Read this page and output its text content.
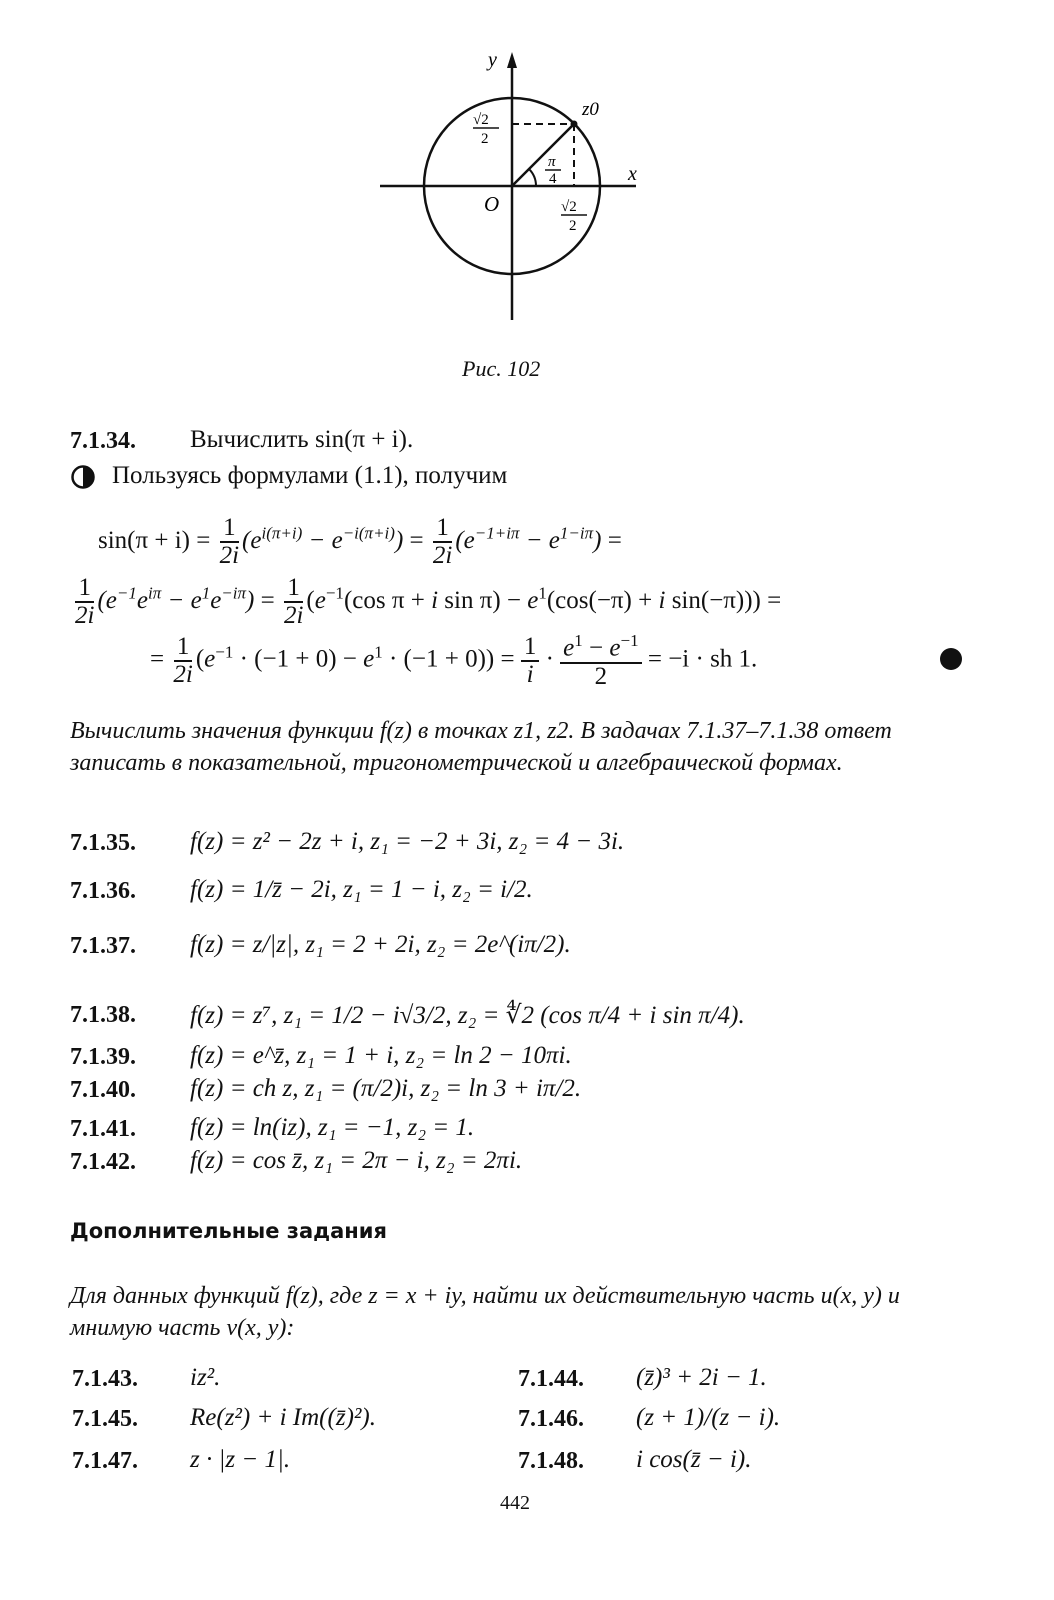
y
x
z0
O
√2
2
π
4
√2
2
Рис. 102
7.1.34. Вычислить sin(π + i).
Пользуясь формулами (1.1), получим
$\sin(\pi + i) = \frac{1}{2i} (e^{i(\pi+i)} - e^{-i(\pi+i)}) = \frac{1}{2i} (e^{-1+i\pi} - e^{1-i\pi})$ =
$\frac{1}{2i} (e^{-1}e^{i\pi} - e^1e^{-i\pi}) = \frac{1}{2i} (e^{-1}(\cos$ π + i $\sin \pi) - e^1(\cos(-\pi) + i$ sin(−π))) =
= $\frac{1}{2i} (e^{-1} \cdot (-1 + 0) - e^1 \cdot (-1 + 0)) = \frac{1}{i} \cdot \frac{e^1 - e^{-1}}{2} = -i$ · sh 1.
Вычислить значения функции f(z) в точках z1, z2. В задачах 7.1.37–7.1.38 ответ записать в показательной, тригонометрической и алгебраической формах.
7.1.35. f(z) = z² − 2z + i, z₁ = −2 + 3i, z₂ = 4 − 3i.
7.1.36. f(z) = 1/z̄ − 2i, z₁ = 1 − i, z₂ = i/2.
7.1.37. f(z) = z/|z|, z₁ = 2 + 2i, z₂ = 2e^(iπ/2).
7.1.38. f(z) = z⁷, z₁ = 1/2 − i√3/2, z₂ = ∜2 (cos π/4 + i sin π/4).
7.1.39. f(z) = e^z̄, z₁ = 1 + i, z₂ = ln 2 − 10πi.
7.1.40. f(z) = ch z, z₁ = (π/2)i, z₂ = ln 3 + iπ/2.
7.1.41. f(z) = ln(iz), z₁ = −1, z₂ = 1.
7.1.42. f(z) = cos z̄, z₁ = 2π − i, z₂ = 2πi.
Дополнительные задания
Для данных функций f(z), где z = x + iy, найти их действительную часть u(x, y) и мнимую часть v(x, y):
7.1.43. iz².	7.1.44. (z̄)³ + 2i − 1.
7.1.45. Re(z²) + i Im((z̄)²).	7.1.46. (z + 1)/(z − i).
7.1.47. z · |z − 1|.	7.1.48. i cos(z̄ − i).
442
